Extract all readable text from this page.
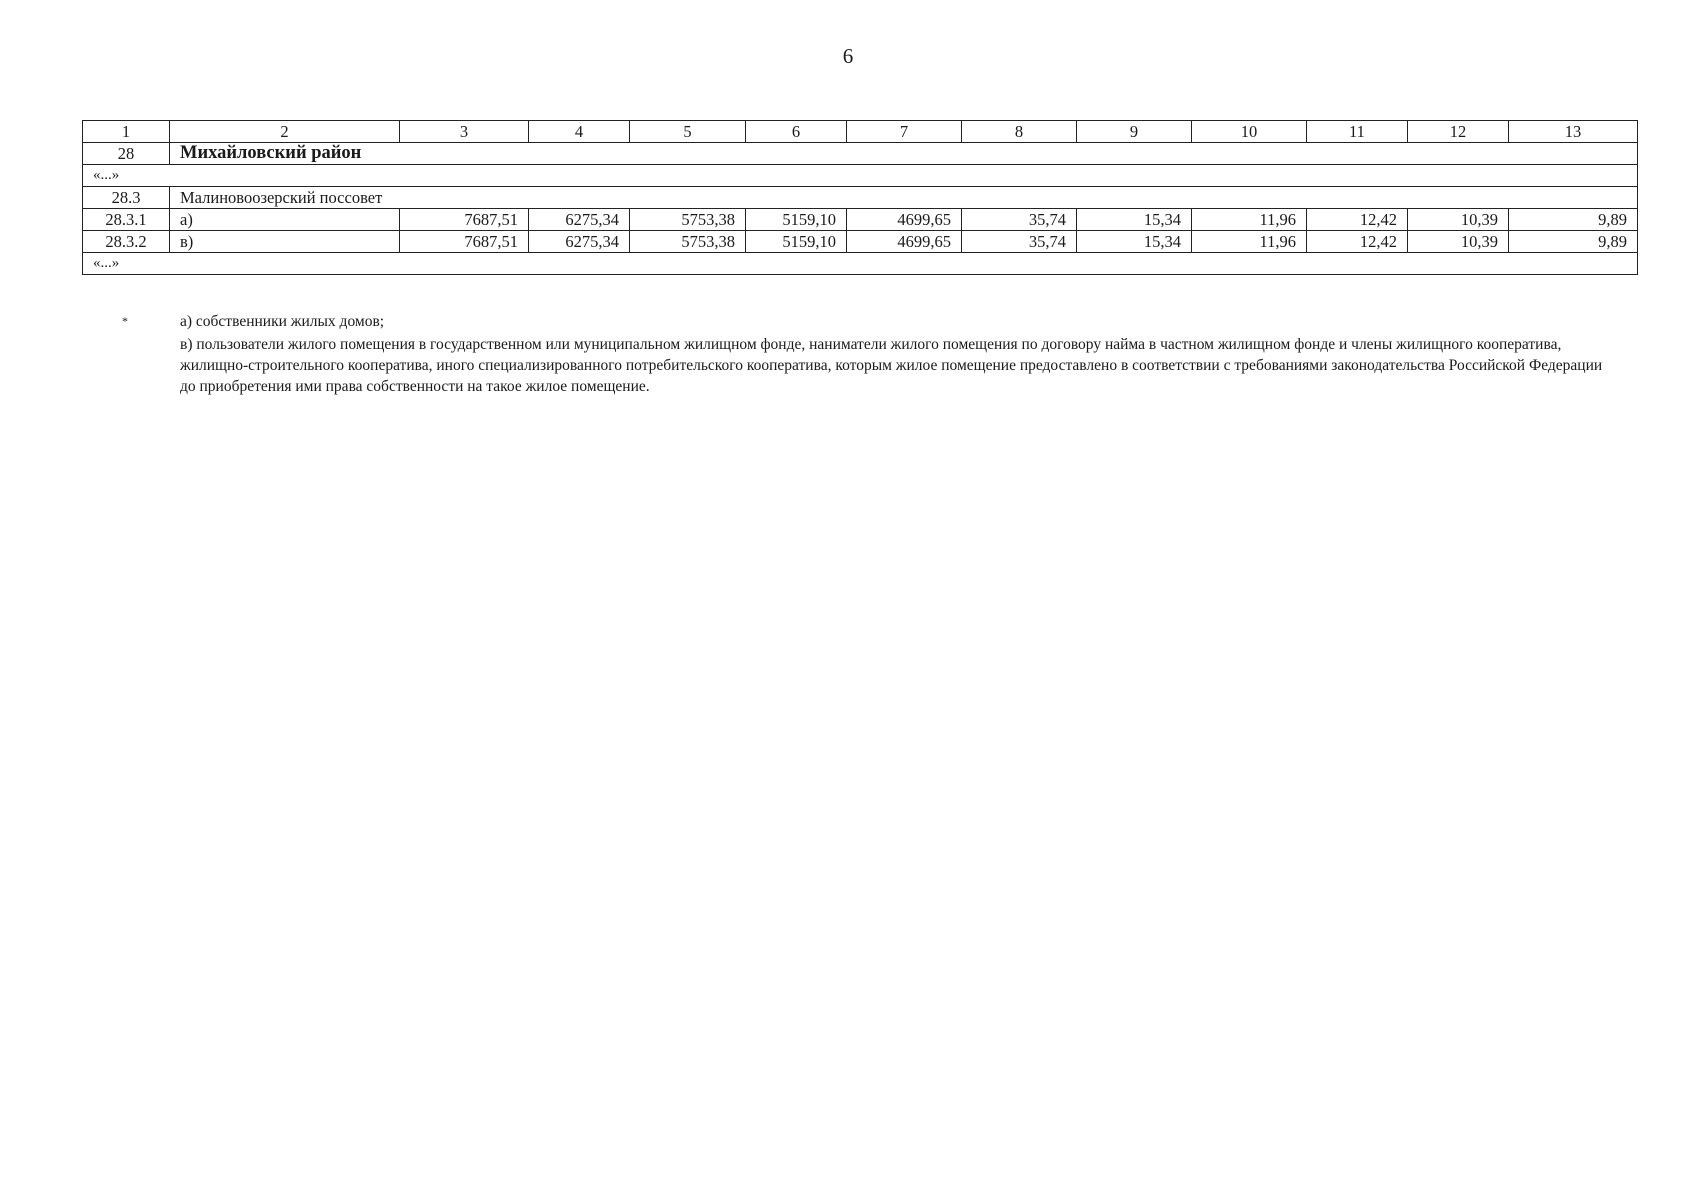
6
1	2	3	4	5	6	7	8	9	10	11	12	13
28	Михайловский район											
«...»												
28.3	Малиновоозерский поссовет											

28.3.1	а)	7687,51	6275,34	5753,38	5159,10	4699,65	35,74	15,34	11,96	12,42	10,39	9,89
28.3.2	в)	7687,51	6275,34	5753,38	5159,10	4699,65	35,74	15,34	11,96	12,42	10,39	9,89
«...»												
*	а) собственники жилых домов;
в) пользователи жилого помещения в государственном или муниципальном жилищном фонде, наниматели жилого помещения по договору найма в частном жилищном фонде и члены жилищного кооператива, жилищно-строительного кооператива, иного специализированного потребительского кооператива, которым жилое помещение предоставлено в соответствии с требованиями законодательства Российской Федерации до приобретения ими права собственности на такое жилое помещение.
